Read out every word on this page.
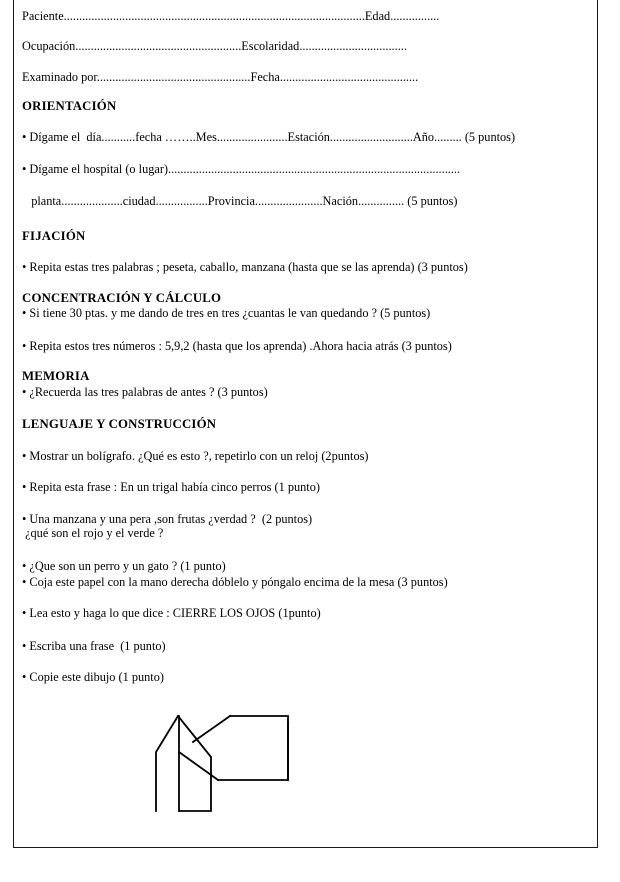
Paciente..................................................................................................Edad................
Ocupación......................................................Escolaridad...................................
Examinado por..................................................Fecha.............................................
ORIENTACIÓN
• Dígame el  día...........fecha ……..Mes.......................Estación...........................Año......... (5 puntos)
• Dígame el hospital (o lugar)...............................................................................................
planta....................ciudad.................Provincia......................Nación............... (5 puntos)
FIJACIÓN
• Repita estas tres palabras ; peseta, caballo, manzana (hasta que se las aprenda) (3 puntos)
CONCENTRACIÓN Y CÁLCULO
• Si tiene 30 ptas. y me dando de tres en tres ¿cuantas le van quedando ? (5 puntos)
• Repita estos tres números : 5,9,2 (hasta que los aprenda) .Ahora hacia atrás (3 puntos)
MEMORIA
• ¿Recuerda las tres palabras de antes ? (3 puntos)
LENGUAJE Y CONSTRUCCIÓN
• Mostrar un bolígrafo. ¿Qué es esto ?, repetirlo con un reloj (2puntos)
• Repita esta frase : En un trigal había cinco perros (1 punto)
• Una manzana y una pera ,son frutas ¿verdad ?  (2 puntos)
¿qué son el rojo y el verde ?
• ¿Que son un perro y un gato ? (1 punto)
• Coja este papel con la mano derecha dóblelo y póngalo encima de la mesa (3 puntos)
• Lea esto y haga lo que dice : CIERRE LOS OJOS (1punto)
• Escriba una frase  (1 punto)
• Copie este dibujo (1 punto)
